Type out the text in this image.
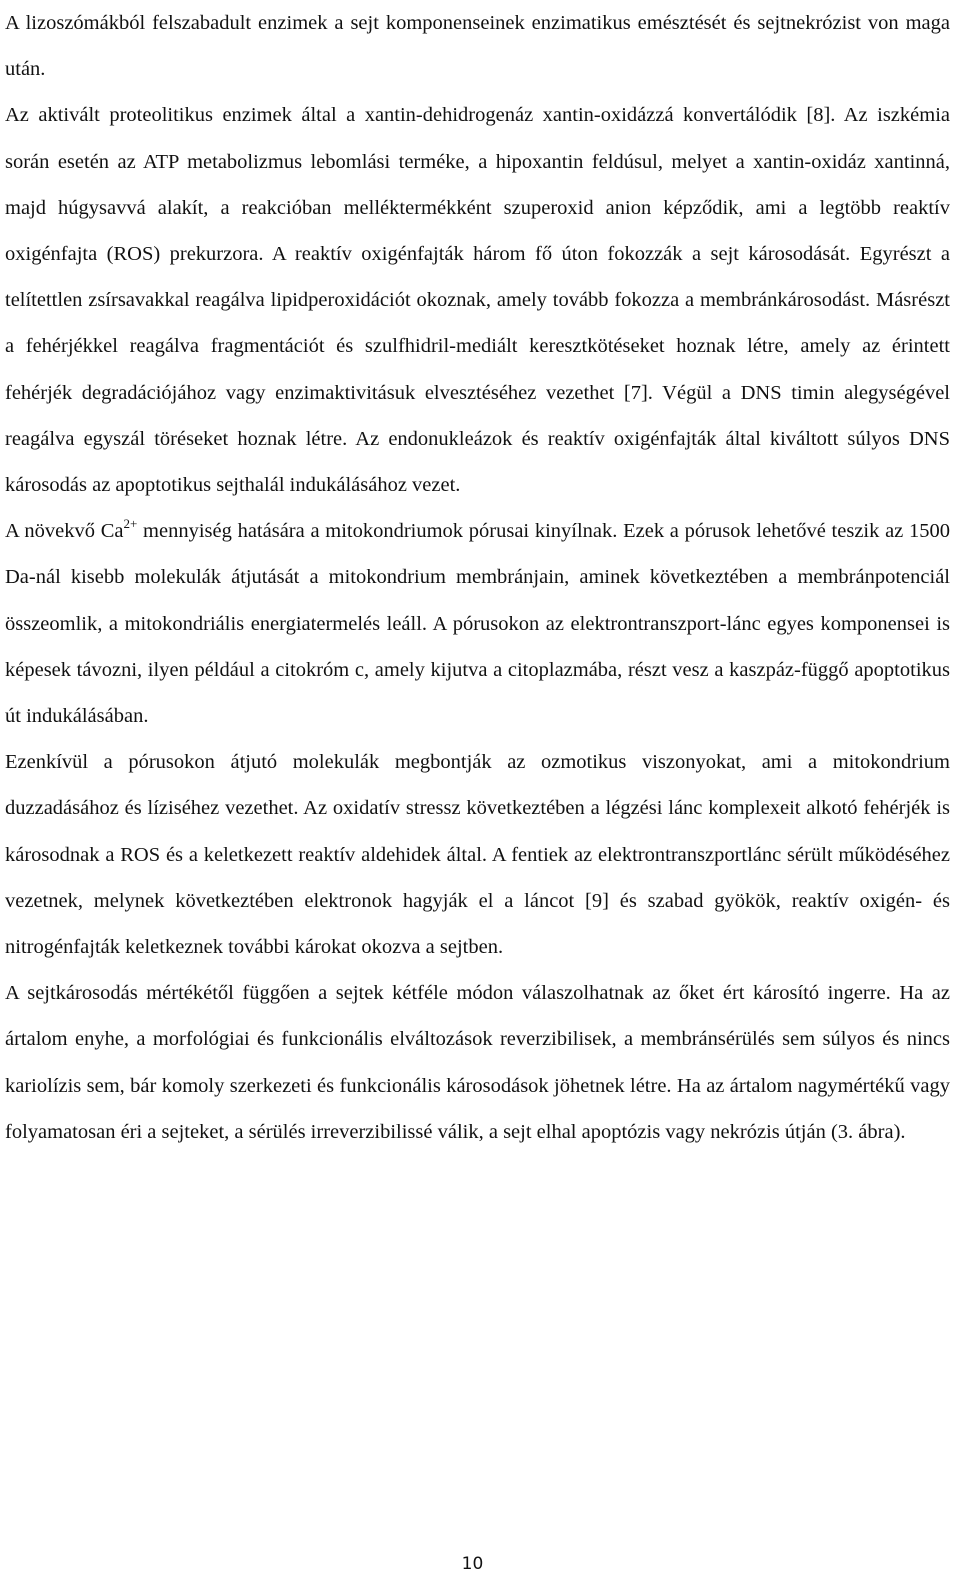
A lizoszómákból felszabadult enzimek a sejt komponenseinek enzimatikus emésztését és sejtnekrózist von maga után.

Az aktivált proteolitikus enzimek által a xantin-dehidrogenáz xantin-oxidázzá konvertálódik [8]. Az iszkémia során esetén az ATP metabolizmus lebomlási terméke, a hipoxantin feldúsul, melyet a xantin-oxidáz xantinná, majd húgysavvá alakít, a reakcióban melléktermékként szuperoxid anion képződik, ami a legtöbb reaktív oxigénfajta (ROS) prekurzora. A reaktív oxigénfajták három fő úton fokozzák a sejt károsodását. Egyrészt a telítettlen zsírsavakkal reagálva lipidperoxidációt okoznak, amely tovább fokozza a membránkárosodást. Másrészt a fehérjékkel reagálva fragmentációt és szulfhidril-mediált keresztkötéseket hoznak létre, amely az érintett fehérjék degradációjához vagy enzimaktivitásuk elvesztéséhez vezethet [7]. Végül a DNS timin alegységével reagálva egyszál töréseket hoznak létre. Az endonukleázok és reaktív oxigénfajták által kiváltott súlyos DNS károsodás az apoptotikus sejthalál indukálásához vezet.

A növekvő $Ca^{2+}$ mennyiség hatására a mitokondriumok pórusai kinyílnak. Ezek a pórusok lehetővé teszik az 1500 Da-nál kisebb molekulák átjutását a mitokondrium membránjain, aminek következtében a membránpotenciál összeomlik, a mitokondriális energiatermelés leáll. A pórusokon az elektrontranszport-lánc egyes komponensei is képesek távozni, ilyen például a citokróm c, amely kijutva a citoplazmába, részt vesz a kaszpáz-függő apoptotikus út indukálásában.

Ezenkívül a pórusokon átjutó molekulák megbontják az ozmotikus viszonyokat, ami a mitokondrium duzzadásához és líziséhez vezethet. Az oxidatív stressz következtében a légzési lánc komplexeit alkotó fehérjék is károsodnak a ROS és a keletkezett reaktív aldehidek által. A fentiek az elektrontranszportlánc sérült működéséhez vezetnek, melynek következtében elektronok hagyják el a láncot [9] és szabad gyökök, reaktív oxigén- és nitrogénfajták keletkeznek további károkat okozva a sejtben.

A sejtkárosodás mértékétől függően a sejtek kétféle módon válaszolhatnak az őket ért károsító ingerre. Ha az ártalom enyhe, a morfológiai és funkcionális elváltozások reverzibilisek, a membránsérülés sem súlyos és nincs kariolízis sem, bár komoly szerkezeti és funkcionális károsodások jöhetnek létre. Ha az ártalom nagymértékű vagy folyamatosan éri a sejteket, a sérülés irreverzibilissé válik, a sejt elhal apoptózis vagy nekrózis útján (3. ábra).

10
